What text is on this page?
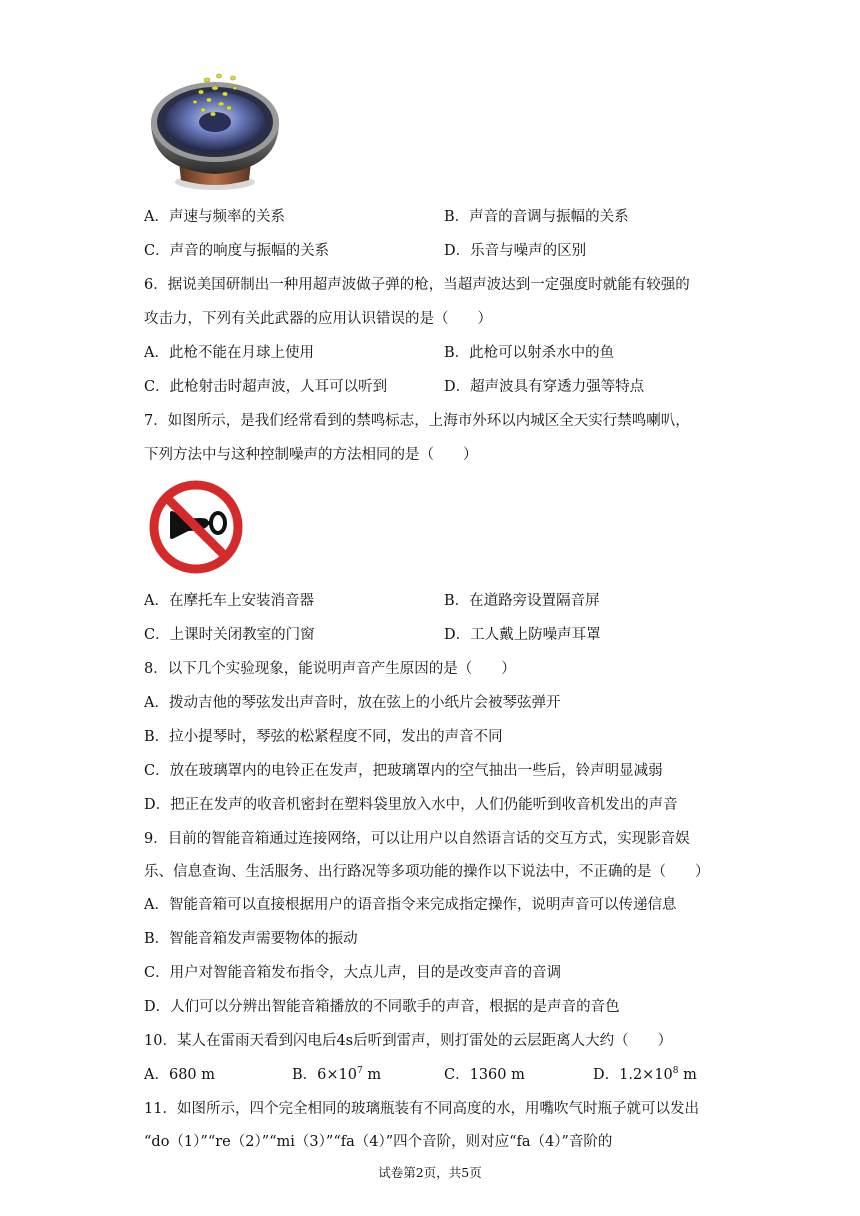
A．声速与频率的关系	B．声音的音调与振幅的关系
C．声音的响度与振幅的关系	D．乐音与噪声的区别
6．据说美国研制出一种用超声波做子弹的枪，当超声波达到一定强度时就能有较强的
攻击力，下列有关此武器的应用认识错误的是（　　）
A．此枪不能在月球上使用	B．此枪可以射杀水中的鱼
C．此枪射击时超声波，人耳可以听到	D．超声波具有穿透力强等特点
7．如图所示，是我们经常看到的禁鸣标志，上海市外环以内城区全天实行禁鸣喇叭，
下列方法中与这种控制噪声的方法相同的是（　　）
A．在摩托车上安装消音器	B．在道路旁设置隔音屏
C．上课时关闭教室的门窗	D．工人戴上防噪声耳罩
8．以下几个实验现象，能说明声音产生原因的是（　　）
A．拨动吉他的琴弦发出声音时，放在弦上的小纸片会被琴弦弹开
B．拉小提琴时，琴弦的松紧程度不同，发出的声音不同
C．放在玻璃罩内的电铃正在发声，把玻璃罩内的空气抽出一些后，铃声明显减弱
D．把正在发声的收音机密封在塑料袋里放入水中，人们仍能听到收音机发出的声音
9．目前的智能音箱通过连接网络，可以让用户以自然语言话的交互方式，实现影音娱
乐、信息查询、生活服务、出行路况等多项功能的操作以下说法中，不正确的是（　　）
A．智能音箱可以直接根据用户的语音指令来完成指定操作，说明声音可以传递信息
B．智能音箱发声需要物体的振动
C．用户对智能音箱发布指令，大点儿声，目的是改变声音的音调
D．人们可以分辨出智能音箱播放的不同歌手的声音，根据的是声音的音色
10．某人在雷雨天看到闪电后4s后听到雷声，则打雷处的云层距离人大约（　　）
A．680 m	B．$6\times 10^7$ m	C．1360 m	D．$1.2\times 10^8$ m
11．如图所示，四个完全相同的玻璃瓶装有不同高度的水，用嘴吹气时瓶子就可以发出
“do（1）”“re（2）”“mi（3）”“fa（4）”四个音阶，则对应“fa（4）”音阶的
试卷第2页，共5页
